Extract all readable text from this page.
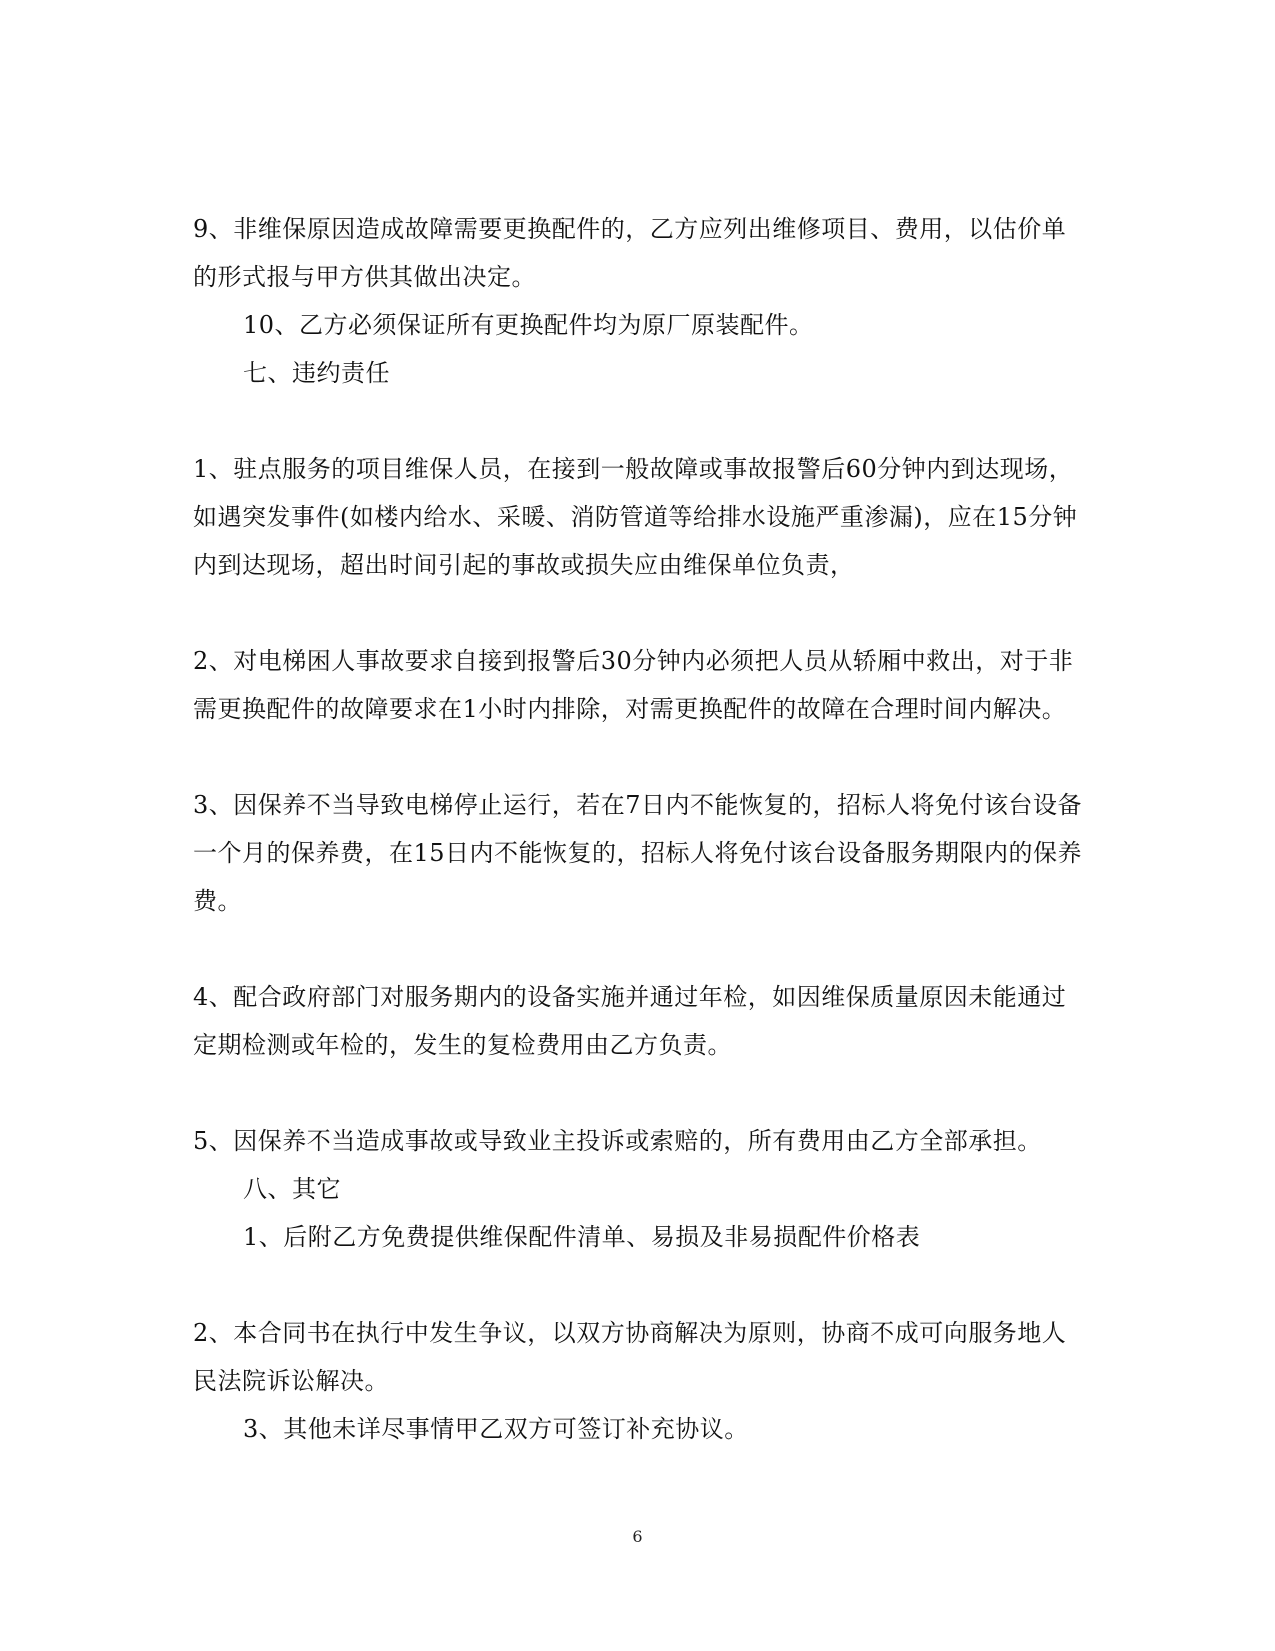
9、非维保原因造成故障需要更换配件的，乙方应列出维修项目、费用，以估价单的形式报与甲方供其做出决定。

10、乙方必须保证所有更换配件均为原厂原装配件。

七、违约责任

1、驻点服务的项目维保人员，在接到一般故障或事故报警后60分钟内到达现场，如遇突发事件(如楼内给水、采暖、消防管道等给排水设施严重渗漏)，应在15分钟内到达现场，超出时间引起的事故或损失应由维保单位负责，

2、对电梯困人事故要求自接到报警后30分钟内必须把人员从轿厢中救出，对于非需更换配件的故障要求在1小时内排除，对需更换配件的故障在合理时间内解决。

3、因保养不当导致电梯停止运行，若在7日内不能恢复的，招标人将免付该台设备一个月的保养费，在15日内不能恢复的，招标人将免付该台设备服务期限内的保养费。

4、配合政府部门对服务期内的设备实施并通过年检，如因维保质量原因未能通过定期检测或年检的，发生的复检费用由乙方负责。

5、因保养不当造成事故或导致业主投诉或索赔的，所有费用由乙方全部承担。

八、其它

1、后附乙方免费提供维保配件清单、易损及非易损配件价格表

2、本合同书在执行中发生争议，以双方协商解决为原则，协商不成可向服务地人民法院诉讼解决。

3、其他未详尽事情甲乙双方可签订补充协议。

6
